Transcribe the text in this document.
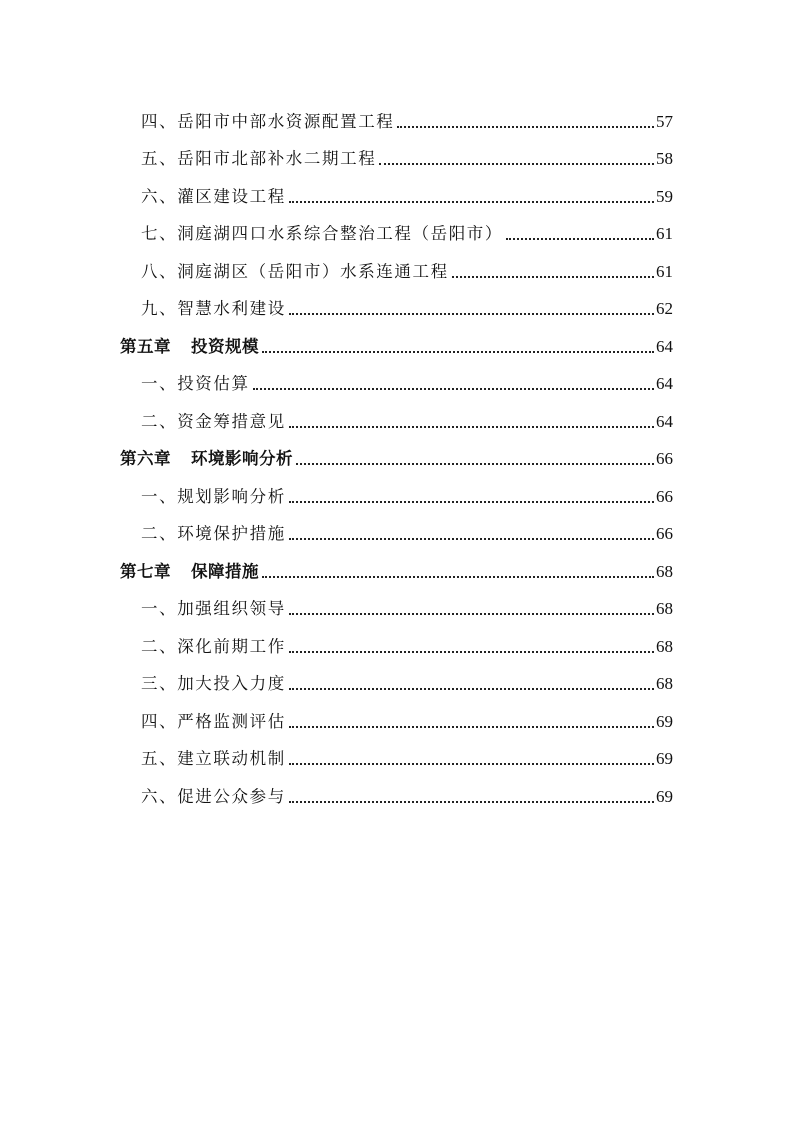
四、岳阳市中部水资源配置工程	57
五、岳阳市北部补水二期工程	58
六、灌区建设工程	59
七、洞庭湖四口水系综合整治工程（岳阳市）	61
八、洞庭湖区（岳阳市）水系连通工程	61
九、智慧水利建设	62
第五章 投资规模	64
一、投资估算	64
二、资金筹措意见	64
第六章 环境影响分析	66
一、规划影响分析	66
二、环境保护措施	66
第七章 保障措施	68
一、加强组织领导	68
二、深化前期工作	68
三、加大投入力度	68
四、严格监测评估	69
五、建立联动机制	69
六、促进公众参与	69
